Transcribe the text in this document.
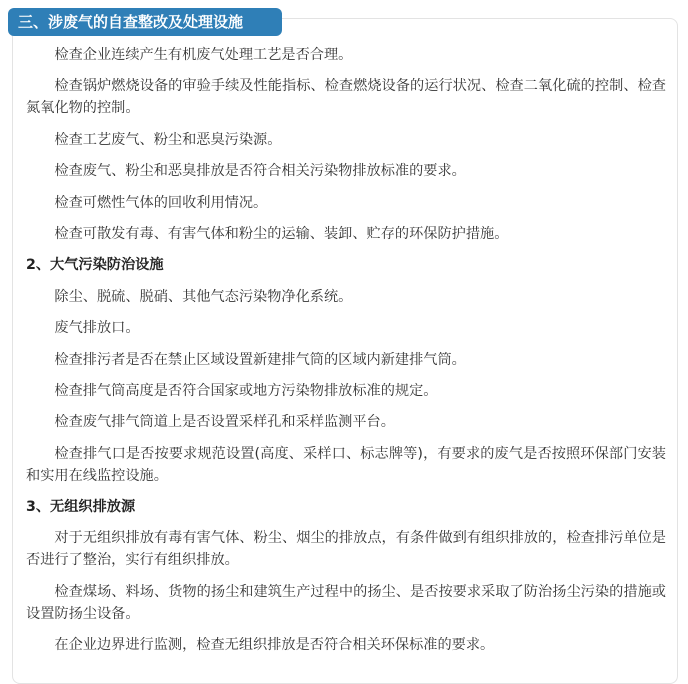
三、涉废气的自查整改及处理设施

检查企业连续产生有机废气处理工艺是否合理。

检查锅炉燃烧设备的审验手续及性能指标、检查燃烧设备的运行状况、检查二氧化硫的控制、检查氮氧化物的控制。

检查工艺废气、粉尘和恶臭污染源。

检查废气、粉尘和恶臭排放是否符合相关污染物排放标准的要求。

检查可燃性气体的回收利用情况。

检查可散发有毒、有害气体和粉尘的运输、装卸、贮存的环保防护措施。

2、大气污染防治设施

除尘、脱硫、脱硝、其他气态污染物净化系统。

废气排放口。

检查排污者是否在禁止区域设置新建排气筒的区域内新建排气筒。

检查排气筒高度是否符合国家或地方污染物排放标准的规定。

检查废气排气筒道上是否设置采样孔和采样监测平台。

检查排气口是否按要求规范设置(高度、采样口、标志牌等)，有要求的废气是否按照环保部门安装和实用在线监控设施。

3、无组织排放源

对于无组织排放有毒有害气体、粉尘、烟尘的排放点，有条件做到有组织排放的，检查排污单位是否进行了整治，实行有组织排放。

检查煤场、料场、货物的扬尘和建筑生产过程中的扬尘、是否按要求采取了防治扬尘污染的措施或设置防扬尘设备。

在企业边界进行监测，检查无组织排放是否符合相关环保标准的要求。
